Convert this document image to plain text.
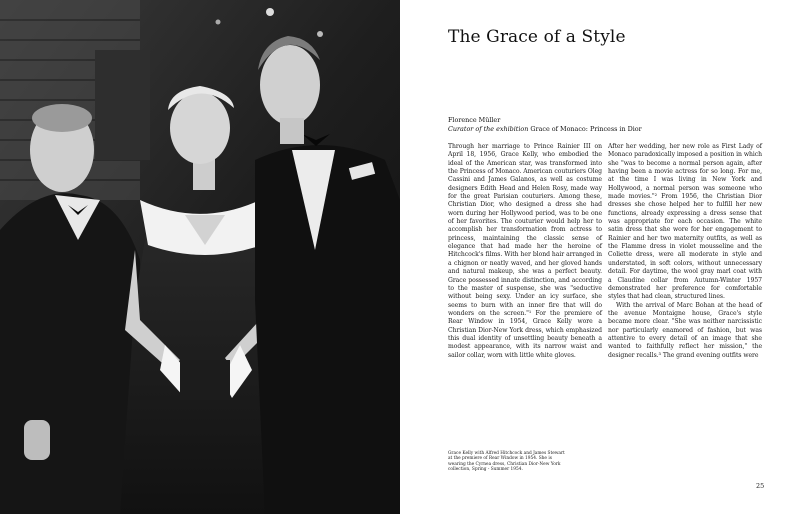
The Grace of a Style
Florence Müller
Curator of the exhibition Grace of Monaco: Princess in Dior

Through her marriage to Prince Rainier III on April 18, 1956, Grace Kelly, who embodied the ideal of the American star, was transformed into the Princess of Monaco. American couturiers Oleg Cassini and James Galanos, as well as costume designers Edith Head and Helen Rosy, made way for the great Parisian couturiers. Among these, Christian Dior, who designed a dress she had worn during her Hollywood period, was to be one of her favorites. The couturier would help her to accomplish her transformation from actress to princess, maintaining the classic sense of elegance that had made her the heroine of Hitchcock's films. With her blond hair arranged in a chignon or neatly waved, and her gloved hands and natural makeup, she was a perfect beauty. Grace possessed innate distinction, and according to the master of suspense, she was "seductive without being sexy. Under an icy surface, she seems to burn with an inner fire that will do wonders on the screen."¹ For the premiere of Rear Window in 1954, Grace Kelly wore a Christian Dior-New York dress, which emphasized this dual identity of unsettling beauty beneath a modest appearance, with its narrow waist and sailor collar, worn with little white gloves.

After her wedding, her new role as First Lady of Monaco paradoxically imposed a position in which she "was to become a normal person again, after having been a movie actress for so long. For me, at the time I was living in New York and Hollywood, a normal person was someone who made movies."² From 1956, the Christian Dior dresses she chose helped her to fulfill her new functions, already expressing a dress sense that was appropriate for each occasion. The white satin dress that she wore for her engagement to Rainier and her two maternity outfits, as well as the Flamme dress in violet mousseline and the Coliette dress, were all moderate in style and understated, in soft colors, without unnecessary detail. For daytime, the wool gray marl coat with a Claudine collar from Autumn-Winter 1957 demonstrated her preference for comfortable styles that had clean, structured lines.

With the arrival of Marc Bohan at the head of the avenue Montaigne house, Grace's style became more clear. "She was neither narcissistic nor particularly enamored of fashion, but was attentive to every detail of an image that she wanted to faithfully reflect her mission," the designer recalls.³ The grand evening outfits were

Grace Kelly with Alfred Hitchcock and James Stewart at the premiere of Rear Window in 1954. She is wearing the Cyrnea dress, Christian Dior-New York collection, Spring - Summer 1954.
25
